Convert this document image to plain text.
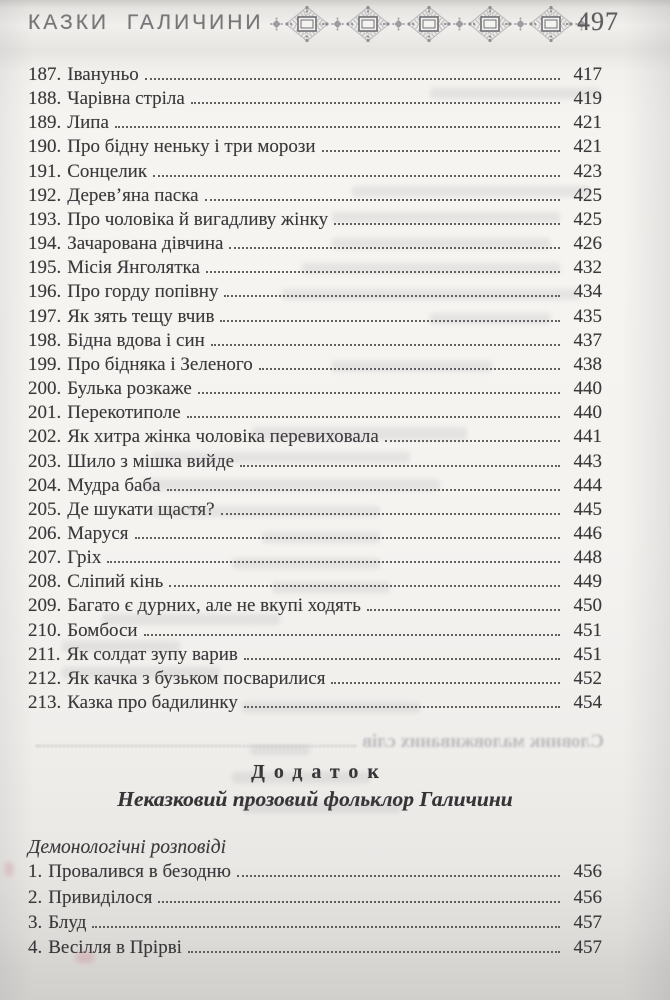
КАЗКИ ГАЛИЧИНИ	497
Словник маловживаних слів
187. Івануньо	417
188. Чарівна стріла	419
189. Липа	421
190. Про бідну неньку і три морози	421
191. Сонцелик	423
192. Дерев’яна паска	425
193. Про чоловіка й вигадливу жінку	425
194. Зачарована дівчина	426
195. Місія Янголятка	432
196. Про горду попівну	434
197. Як зять тещу вчив	435
198. Бідна вдова і син	437
199. Про бідняка і Зеленого	438
200. Булька розкаже	440
201. Перекотиполе	440
202. Як хитра жінка чоловіка перевиховала	441
203. Шило з мішка вийде	443
204. Мудра баба	444
205. Де шукати щастя?	445
206. Маруся	446
207. Гріх	448
208. Сліпий кінь	449
209. Багато є дурних, але не вкупі ходять	450
210. Бомбоси	451
211. Як солдат зупу варив	451
212. Як качка з бузьком посварилися	452
213. Казка про бадилинку	454
Додаток
Неказковий прозовий фольклор Галичини
Демонологічні розповіді
1. Провалився в безодню	456
2. Привиділося	456
3. Блуд	457
4. Весілля в Прірві	457
